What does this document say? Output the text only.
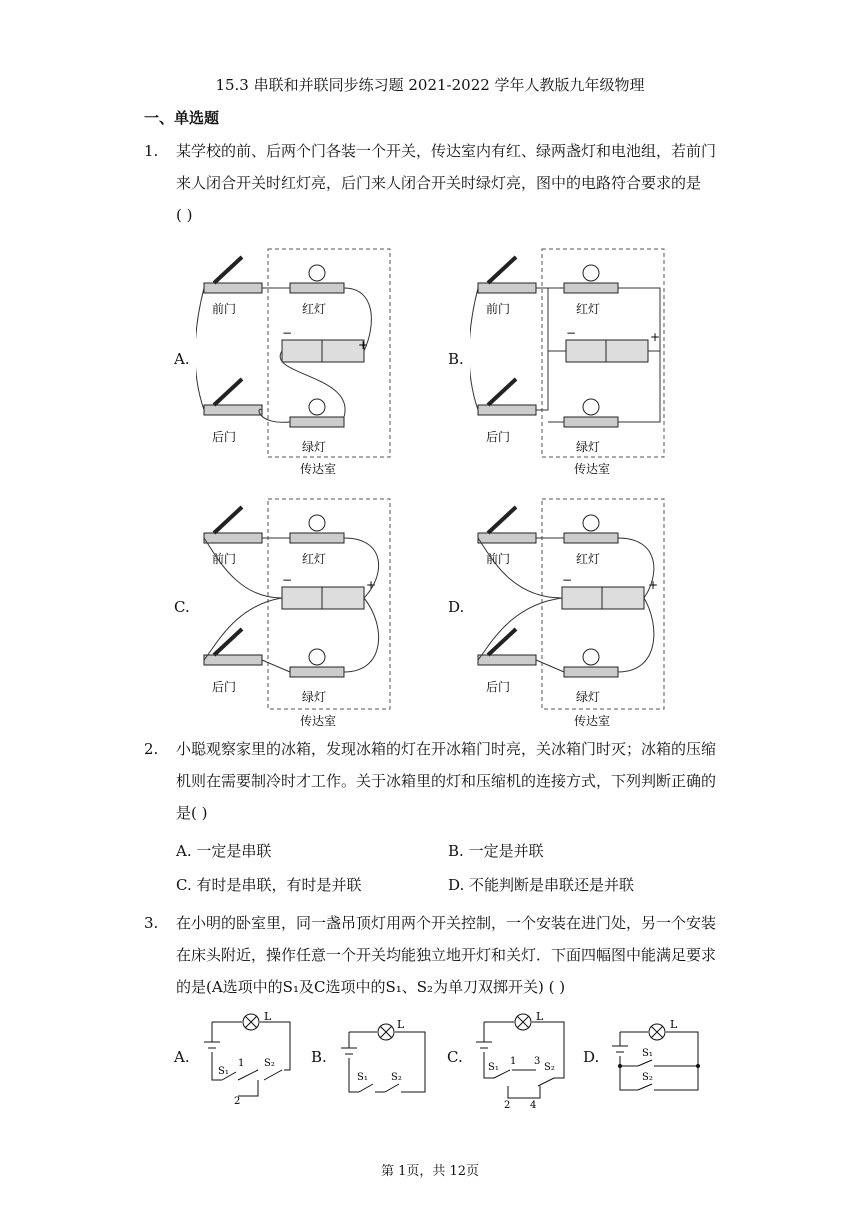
15.3 串联和并联同步练习题 2021-2022 学年人教版九年级物理
一、单选题
1. 某学校的前、后两个门各装一个开关，传达室内有红、绿两盏灯和电池组，若前门
来人闭合开关时红灯亮，后门来人闭合开关时绿灯亮，图中的电路符合要求的是
( )
A.	B.
C.	D.
前门	红灯
−
+
后门
绿灯
传达室
前门	红灯
−	+
后门
绿灯
传达室
前门	红灯
−	+
后门
绿灯
传达室
前门	红灯
−	+
后门
绿灯
传达室
2. 小聪观察家里的冰箱，发现冰箱的灯在开冰箱门时亮，关冰箱门时灭；冰箱的压缩
机则在需要制冷时才工作。关于冰箱里的灯和压缩机的连接方式，下列判断正确的
是( )
A. 一定是串联	B. 一定是并联
C. 有时是串联，有时是并联	D. 不能判断是串联还是并联
3. 在小明的卧室里，同一盏吊顶灯用两个开关控制，一个安装在进门处，另一个安装
在床头附近，操作任意一个开关均能独立地开灯和关灯．下面四幅图中能满足要求
的是(A选项中的S₁及C选项中的S₁、S₂为单刀双掷开关) ( )
A.	B.	C.	D.
L
S₁
1 S₂
2
L
S₁ S₂
L
S₁
1 3
S₂
2 4
L
S₁
S₂
第 1页，共 12页
